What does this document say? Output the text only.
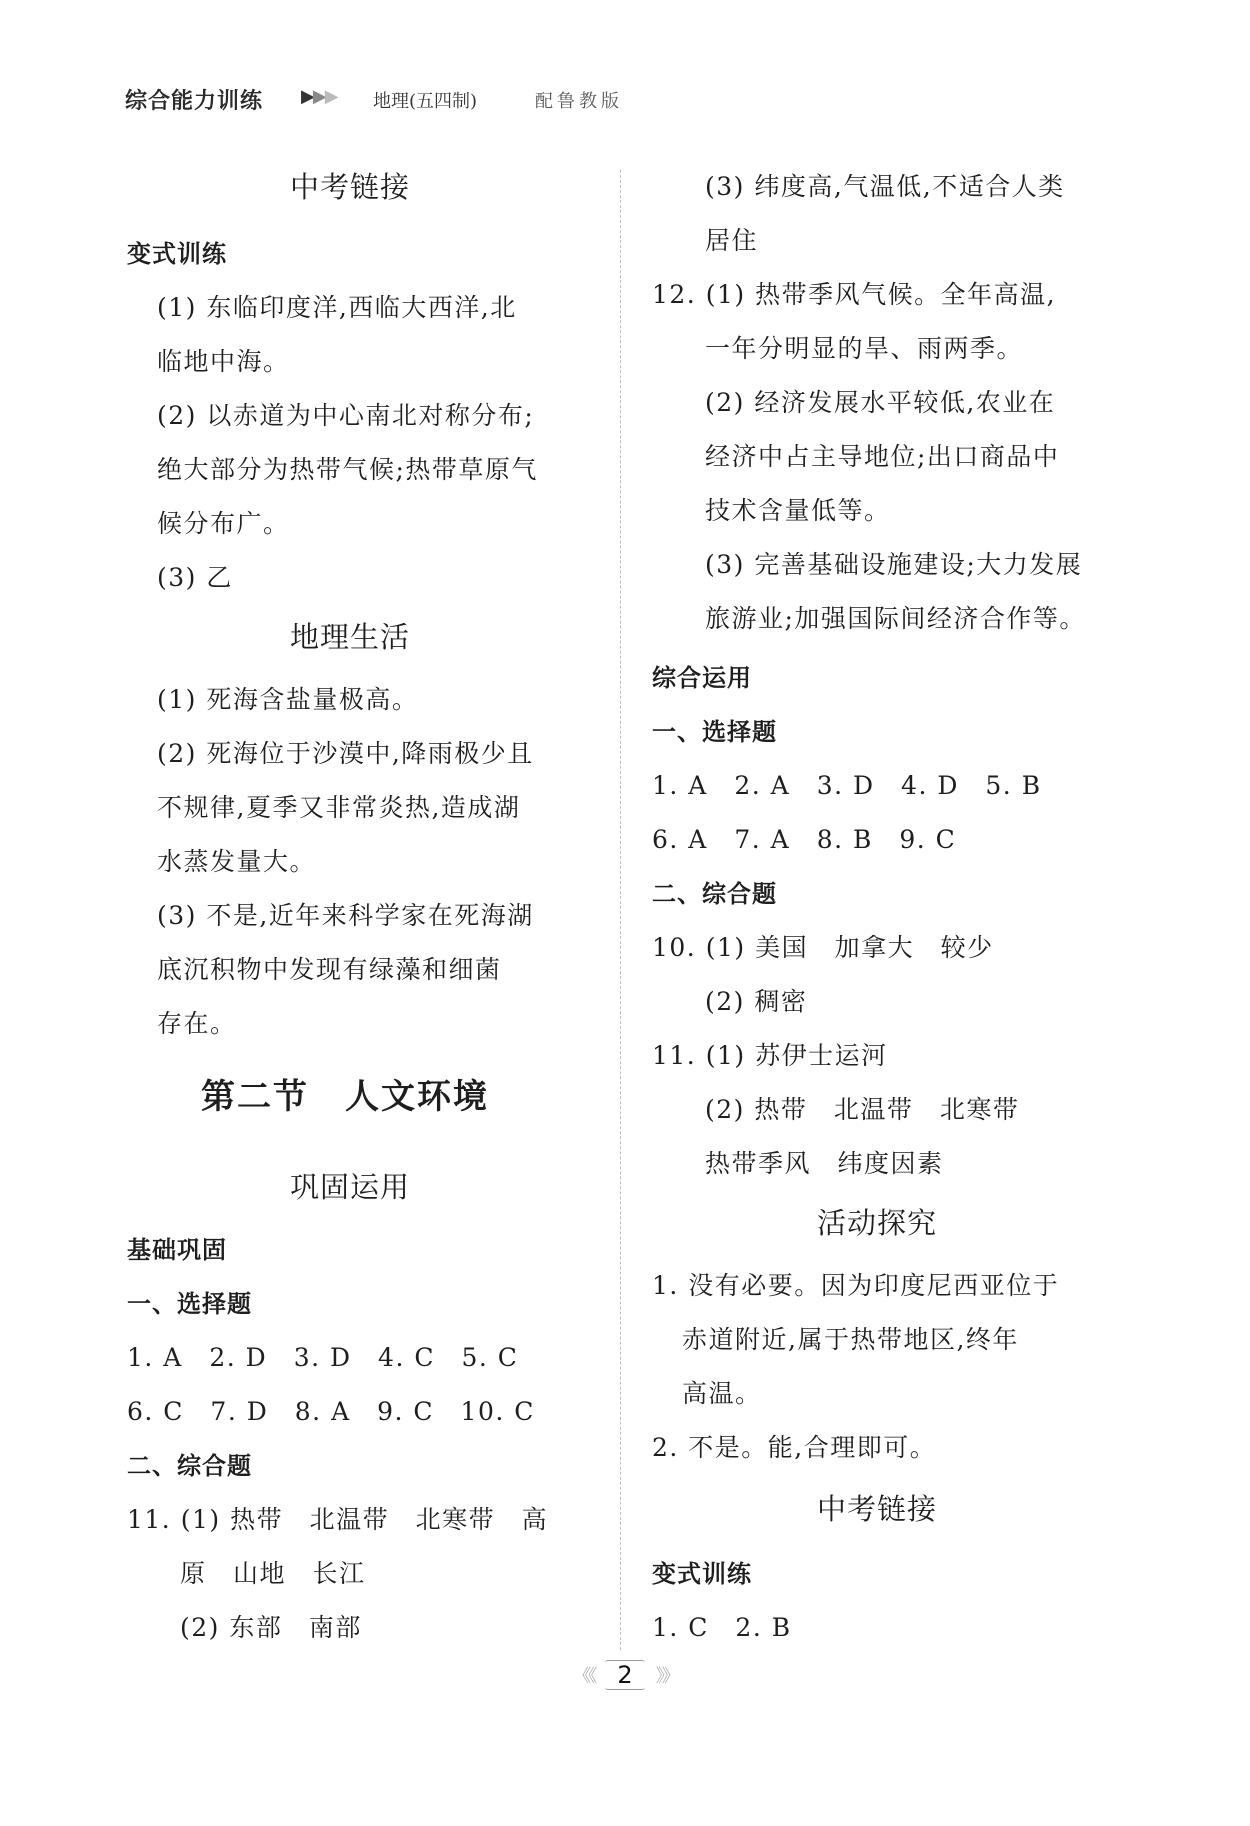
综合能力训练 ▶▶▶ 地理(五四制)	配鲁教版
中考链接
变式训练
(1) 东临印度洋,西临大西洋,北
临地中海。
(2) 以赤道为中心南北对称分布;
绝大部分为热带气候;热带草原气
候分布广。
(3) 乙
地理生活
(1) 死海含盐量极高。
(2) 死海位于沙漠中,降雨极少且
不规律,夏季又非常炎热,造成湖
水蒸发量大。
(3) 不是,近年来科学家在死海湖
底沉积物中发现有绿藻和细菌
存在。
第二节　人文环境
巩固运用
基础巩固
一、选择题
1. A　2. D　3. D　4. C　5. C
6. C　7. D　8. A　9. C　10. C
二、综合题
11. (1) 热带　北温带　北寒带　高
原　山地　长江
(2) 东部　南部
(3) 纬度高,气温低,不适合人类
居住
12. (1) 热带季风气候。全年高温,
一年分明显的旱、雨两季。
(2) 经济发展水平较低,农业在
经济中占主导地位;出口商品中
技术含量低等。
(3) 完善基础设施建设;大力发展
旅游业;加强国际间经济合作等。
综合运用
一、选择题
1. A　2. A　3. D　4. D　5. B
6. A　7. A　8. B　9. C
二、综合题
10. (1) 美国　加拿大　较少
(2) 稠密
11. (1) 苏伊士运河
(2) 热带　北温带　北寒带
热带季风　纬度因素
活动探究
1. 没有必要。因为印度尼西亚位于
赤道附近,属于热带地区,终年
高温。
2. 不是。能,合理即可。
中考链接
变式训练
1. C　2. B
《《 2 》》
